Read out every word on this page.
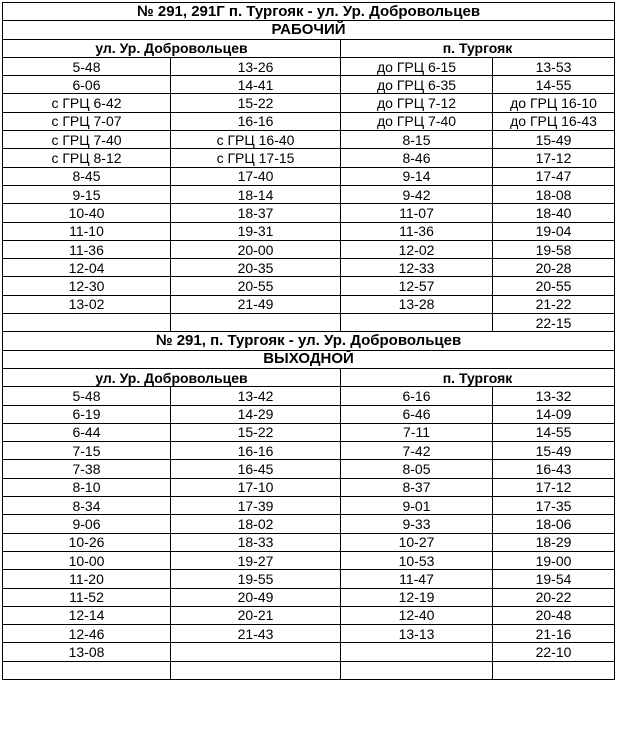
№ 291, 291Г п. Тургояк - ул. Ур. Добровольцев			
РАБОЧИЙ			
ул. Ур. Добровольцев		п. Тургояк	
5-48	13-26	до ГРЦ 6-15	13-53
6-06	14-41	до ГРЦ 6-35	14-55
с ГРЦ 6-42	15-22	до ГРЦ 7-12	до ГРЦ 16-10
с ГРЦ 7-07	16-16	до ГРЦ 7-40	до ГРЦ 16-43
с ГРЦ 7-40	с ГРЦ 16-40	8-15	15-49
с ГРЦ 8-12	с ГРЦ 17-15	8-46	17-12
8-45	17-40	9-14	17-47
9-15	18-14	9-42	18-08
10-40	18-37	11-07	18-40
11-10	19-31	11-36	19-04
11-36	20-00	12-02	19-58
12-04	20-35	12-33	20-28
12-30	20-55	12-57	20-55
13-02	21-49	13-28	21-22
			22-15
№ 291, п. Тургояк - ул. Ур. Добровольцев			
ВЫХОДНОЙ			
ул. Ур. Добровольцев		п. Тургояк	
5-48	13-42	6-16	13-32
6-19	14-29	6-46	14-09
6-44	15-22	7-11	14-55
7-15	16-16	7-42	15-49
7-38	16-45	8-05	16-43
8-10	17-10	8-37	17-12
8-34	17-39	9-01	17-35
9-06	18-02	9-33	18-06
10-26	18-33	10-27	18-29
10-00	19-27	10-53	19-00
11-20	19-55	11-47	19-54
11-52	20-49	12-19	20-22
12-14	20-21	12-40	20-48
12-46	21-43	13-13	21-16
13-08			22-10
